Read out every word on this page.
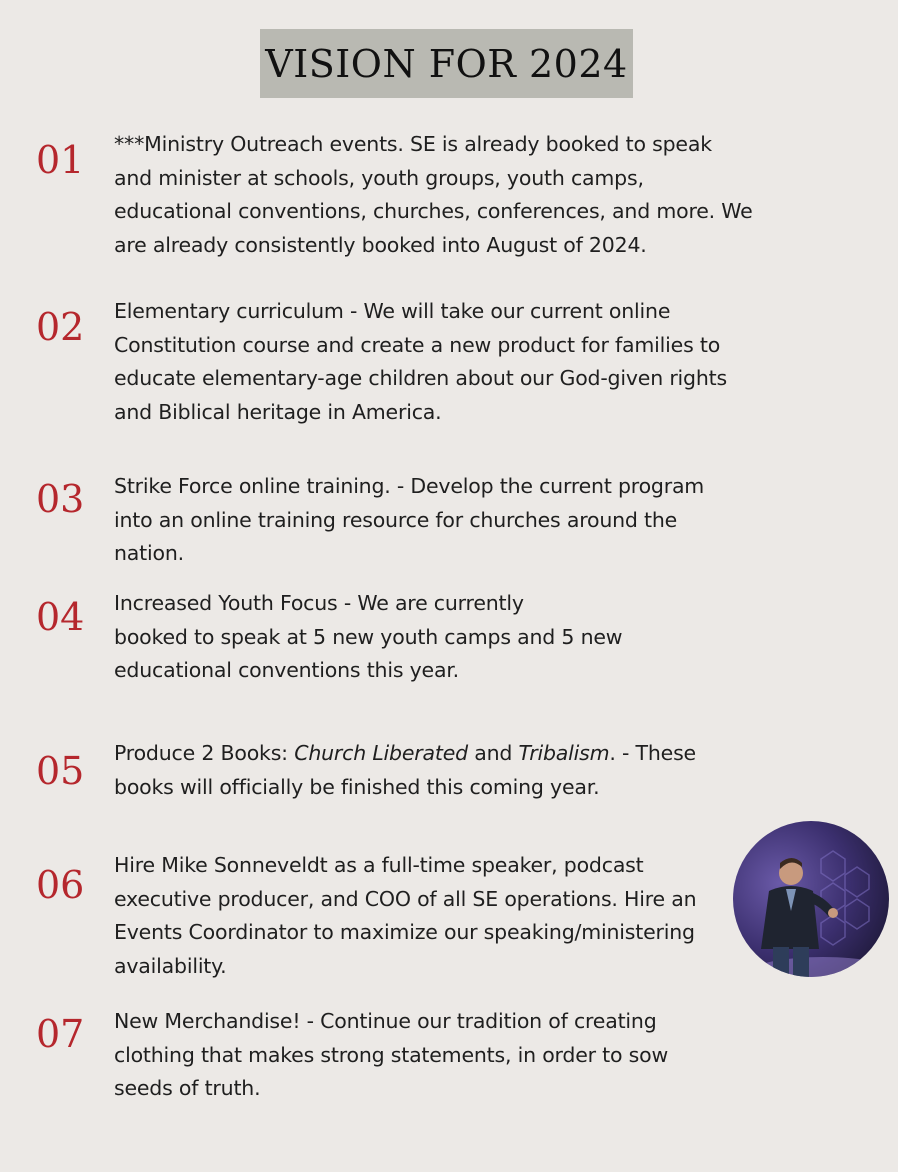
VISION FOR 2024
01 ***Ministry Outreach events. SE is already booked to speak and minister at schools, youth groups, youth camps, educational conventions, churches, conferences, and more. We are already consistently booked into August of 2024.
02 Elementary curriculum - We will take our current online Constitution course and create a new product for families to educate elementary-age children about our God-given rights and Biblical heritage in America.
03 Strike Force online training. - Develop the current program into an online training resource for churches around the nation.
04 Increased Youth Focus - We are currently
booked to speak at 5 new youth camps and 5 new educational conventions this year.
05 Produce 2 Books: Church Liberated and Tribalism. - These books will officially be finished this coming year.
06 Hire Mike Sonneveldt as a full-time speaker, podcast executive producer, and COO of all SE operations. Hire an Events Coordinator to maximize our speaking/ministering availability.
07 New Merchandise! - Continue our tradition of creating clothing that makes strong statements, in order to sow seeds of truth.
